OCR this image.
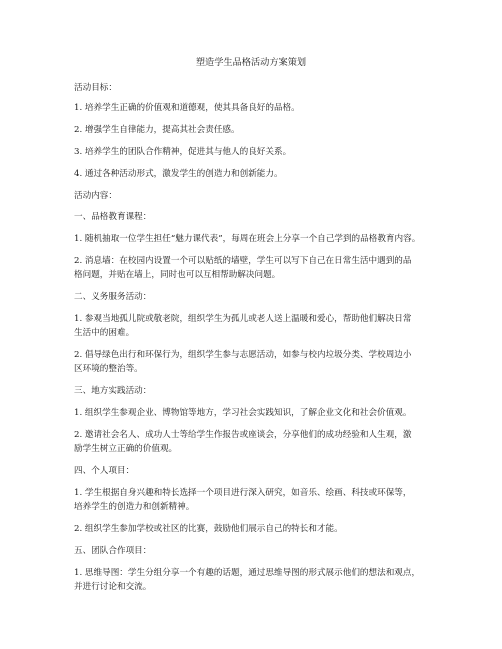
塑造学生品格活动方案策划
活动目标：
1. 培养学生正确的价值观和道德观，使其具备良好的品格。
2. 增强学生自律能力，提高其社会责任感。
3. 培养学生的团队合作精神，促进其与他人的良好关系。
4. 通过各种活动形式，激发学生的创造力和创新能力。
活动内容：
一、品格教育课程：
1. 随机抽取一位学生担任“魅力课代表”，每周在班会上分享一个自己学到的品格教育内容。
2. 消息墙：在校园内设置一个可以贴纸的墙壁，学生可以写下自己在日常生活中遇到的品
格问题，并贴在墙上，同时也可以互相帮助解决问题。
二、义务服务活动：
1. 参观当地孤儿院或敬老院，组织学生为孤儿或老人送上温暖和爱心，帮助他们解决日常
生活中的困难。
2. 倡导绿色出行和环保行为，组织学生参与志愿活动，如参与校内垃圾分类、学校周边小
区环境的整治等。
三、地方实践活动：
1. 组织学生参观企业、博物馆等地方，学习社会实践知识，了解企业文化和社会价值观。
2. 邀请社会名人、成功人士等给学生作报告或座谈会，分享他们的成功经验和人生观，激
励学生树立正确的价值观。
四、个人项目：
1. 学生根据自身兴趣和特长选择一个项目进行深入研究，如音乐、绘画、科技或环保等，
培养学生的创造力和创新精神。
2. 组织学生参加学校或社区的比赛，鼓励他们展示自己的特长和才能。
五、团队合作项目：
1. 思维导图：学生分组分享一个有趣的话题，通过思维导图的形式展示他们的想法和观点，
并进行讨论和交流。
